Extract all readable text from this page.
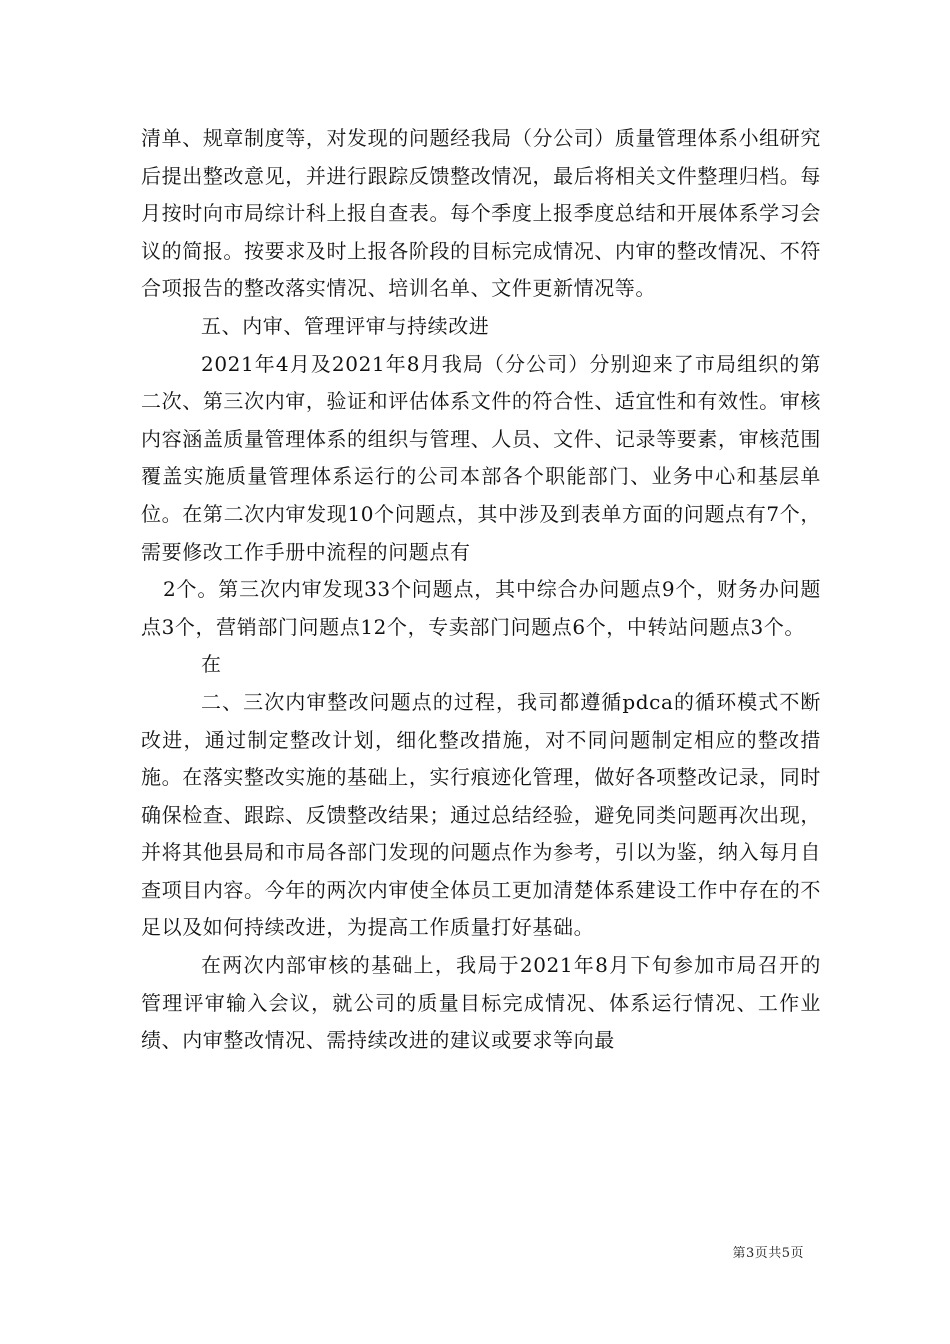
清单、规章制度等，对发现的问题经我局（分公司）质量管理体系小组研究后提出整改意见，并进行跟踪反馈整改情况，最后将相关文件整理归档。每月按时向市局综计科上报自查表。每个季度上报季度总结和开展体系学习会议的简报。按要求及时上报各阶段的目标完成情况、内审的整改情况、不符合项报告的整改落实情况、培训名单、文件更新情况等。

五、内审、管理评审与持续改进

2021年4月及2021年8月我局（分公司）分别迎来了市局组织的第二次、第三次内审，验证和评估体系文件的符合性、适宜性和有效性。审核内容涵盖质量管理体系的组织与管理、人员、文件、记录等要素，审核范围覆盖实施质量管理体系运行的公司本部各个职能部门、业务中心和基层单位。在第二次内审发现10个问题点，其中涉及到表单方面的问题点有7个，需要修改工作手册中流程的问题点有

2个。第三次内审发现33个问题点，其中综合办问题点9个，财务办问题点3个，营销部门问题点12个，专卖部门问题点6个，中转站问题点3个。

在

二、三次内审整改问题点的过程，我司都遵循pdca的循环模式不断改进，通过制定整改计划，细化整改措施，对不同问题制定相应的整改措施。在落实整改实施的基础上，实行痕迹化管理，做好各项整改记录，同时确保检查、跟踪、反馈整改结果；通过总结经验，避免同类问题再次出现，并将其他县局和市局各部门发现的问题点作为参考，引以为鉴，纳入每月自查项目内容。今年的两次内审使全体员工更加清楚体系建设工作中存在的不足以及如何持续改进，为提高工作质量打好基础。

在两次内部审核的基础上，我局于2021年8月下旬参加市局召开的管理评审输入会议，就公司的质量目标完成情况、体系运行情况、工作业绩、内审整改情况、需持续改进的建议或要求等向最

第3页共5页
